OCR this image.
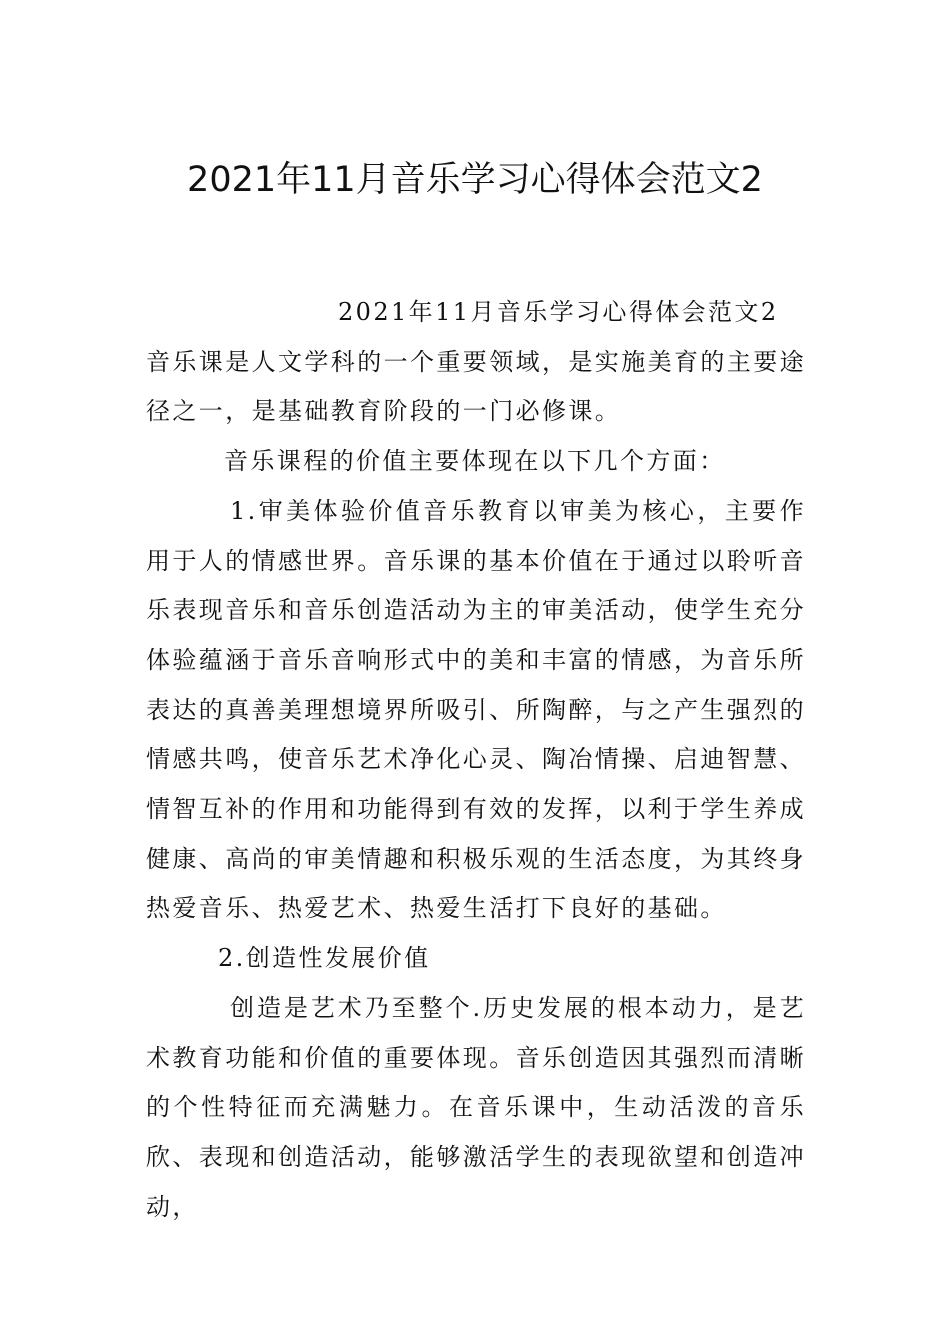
2021年11月音乐学习心得体会范文2

2021年11月音乐学习心得体会范文2

音乐课是人文学科的一个重要领域，是实施美育的主要途径之一，是基础教育阶段的一门必修课。

音乐课程的价值主要体现在以下几个方面：

1.审美体验价值音乐教育以审美为核心，主要作用于人的情感世界。音乐课的基本价值在于通过以聆听音乐表现音乐和音乐创造活动为主的审美活动，使学生充分体验蕴涵于音乐音响形式中的美和丰富的情感，为音乐所表达的真善美理想境界所吸引、所陶醉，与之产生强烈的情感共鸣，使音乐艺术净化心灵、陶冶情操、启迪智慧、情智互补的作用和功能得到有效的发挥，以利于学生养成健康、高尚的审美情趣和积极乐观的生活态度，为其终身热爱音乐、热爱艺术、热爱生活打下良好的基础。

2.创造性发展价值

创造是艺术乃至整个.历史发展的根本动力，是艺术教育功能和价值的重要体现。音乐创造因其强烈而清晰的个性特征而充满魅力。在音乐课中，生动活泼的音乐欣、表现和创造活动，能够激活学生的表现欲望和创造冲动，
